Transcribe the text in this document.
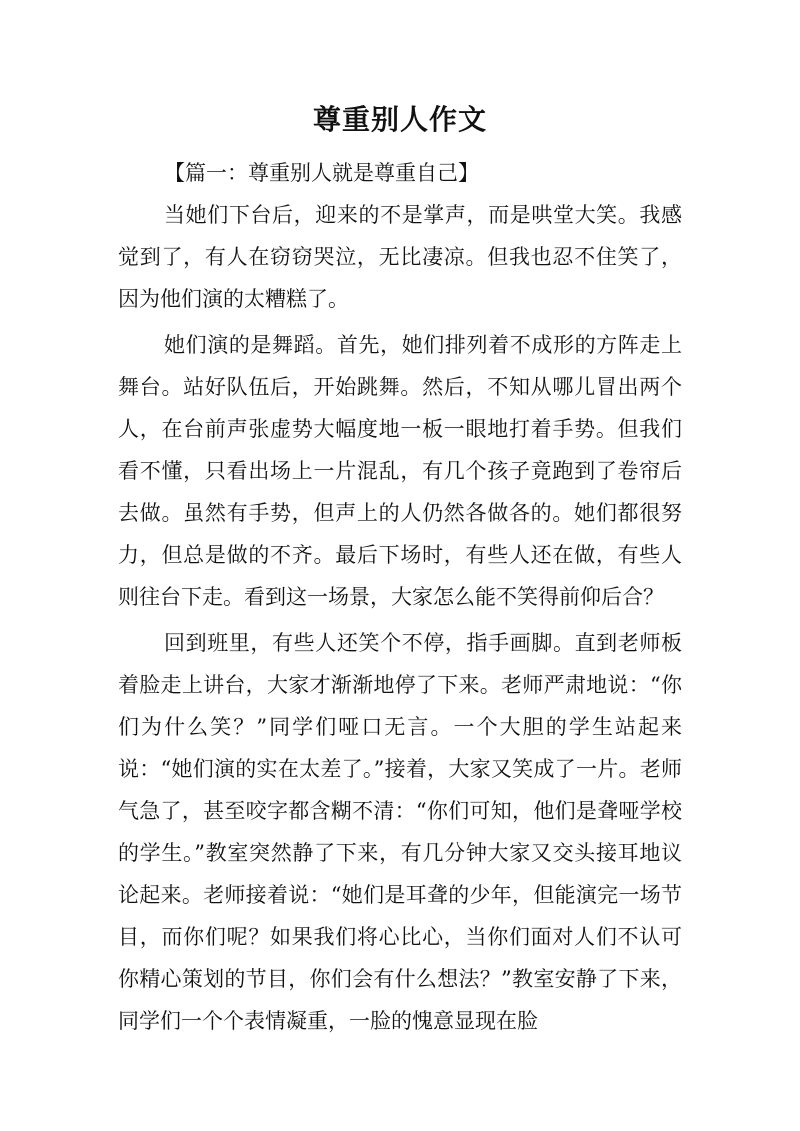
尊重别人作文

【篇一：尊重别人就是尊重自己】

当她们下台后，迎来的不是掌声，而是哄堂大笑。我感觉到了，有人在窃窃哭泣，无比凄凉。但我也忍不住笑了，因为他们演的太糟糕了。

她们演的是舞蹈。首先，她们排列着不成形的方阵走上舞台。站好队伍后，开始跳舞。然后，不知从哪儿冒出两个人，在台前声张虚势大幅度地一板一眼地打着手势。但我们看不懂，只看出场上一片混乱，有几个孩子竟跑到了卷帘后去做。虽然有手势，但声上的人仍然各做各的。她们都很努力，但总是做的不齐。最后下场时，有些人还在做，有些人则往台下走。看到这一场景，大家怎么能不笑得前仰后合？

回到班里，有些人还笑个不停，指手画脚。直到老师板着脸走上讲台，大家才渐渐地停了下来。老师严肃地说：“你们为什么笑？”同学们哑口无言。一个大胆的学生站起来说：“她们演的实在太差了。”接着，大家又笑成了一片。老师气急了，甚至咬字都含糊不清：“你们可知，他们是聋哑学校的学生。”教室突然静了下来，有几分钟大家又交头接耳地议论起来。老师接着说：“她们是耳聋的少年，但能演完一场节目，而你们呢？如果我们将心比心，当你们面对人们不认可你精心策划的节目，你们会有什么想法？”教室安静了下来，同学们一个个表情凝重，一脸的愧意显现在脸
